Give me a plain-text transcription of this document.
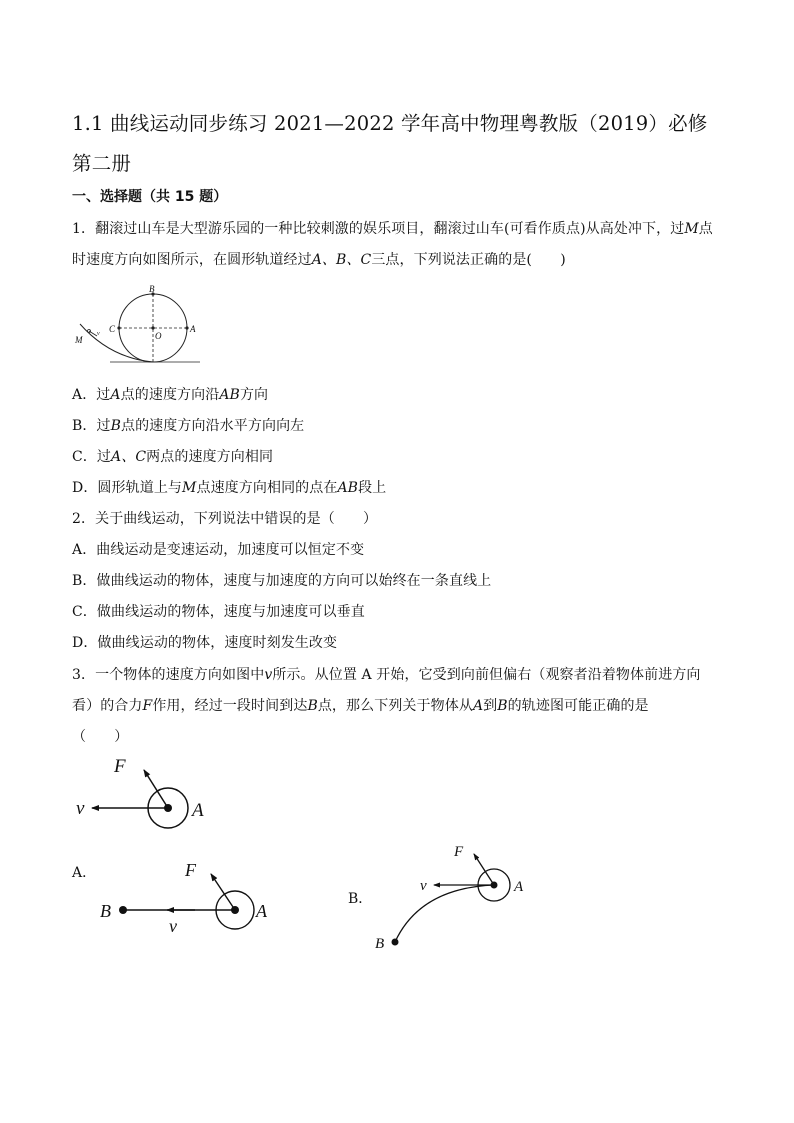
1.1 曲线运动同步练习 2021—2022 学年高中物理粤教版（2019）必修
第二册
一、选择题（共 15 题）
1．翻滚过山车是大型游乐园的一种比较刺激的娱乐项目，翻滚过山车(可看作质点)从高处冲下，过M点
时速度方向如图所示，在圆形轨道经过A、B、C三点，下列说法正确的是(　　)
B
C	A
O
M
v
A．过A点的速度方向沿AB方向
B．过B点的速度方向沿水平方向向左
C．过A、C两点的速度方向相同
D．圆形轨道上与M点速度方向相同的点在AB段上
2．关于曲线运动，下列说法中错误的是（　　）
A．曲线运动是变速运动，加速度可以恒定不变
B．做曲线运动的物体，速度与加速度的方向可以始终在一条直线上
C．做曲线运动的物体，速度与加速度可以垂直
D．做曲线运动的物体，速度时刻发生改变
3．一个物体的速度方向如图中v所示。从位置 A 开始，它受到向前但偏右（观察者沿着物体前进方向
看）的合力F作用，经过一段时间到达B点，那么下列关于物体从A到B的轨迹图可能正确的是
（　　）
F
v	A
A．	F
B	A
v
B．
F
v	A
B
